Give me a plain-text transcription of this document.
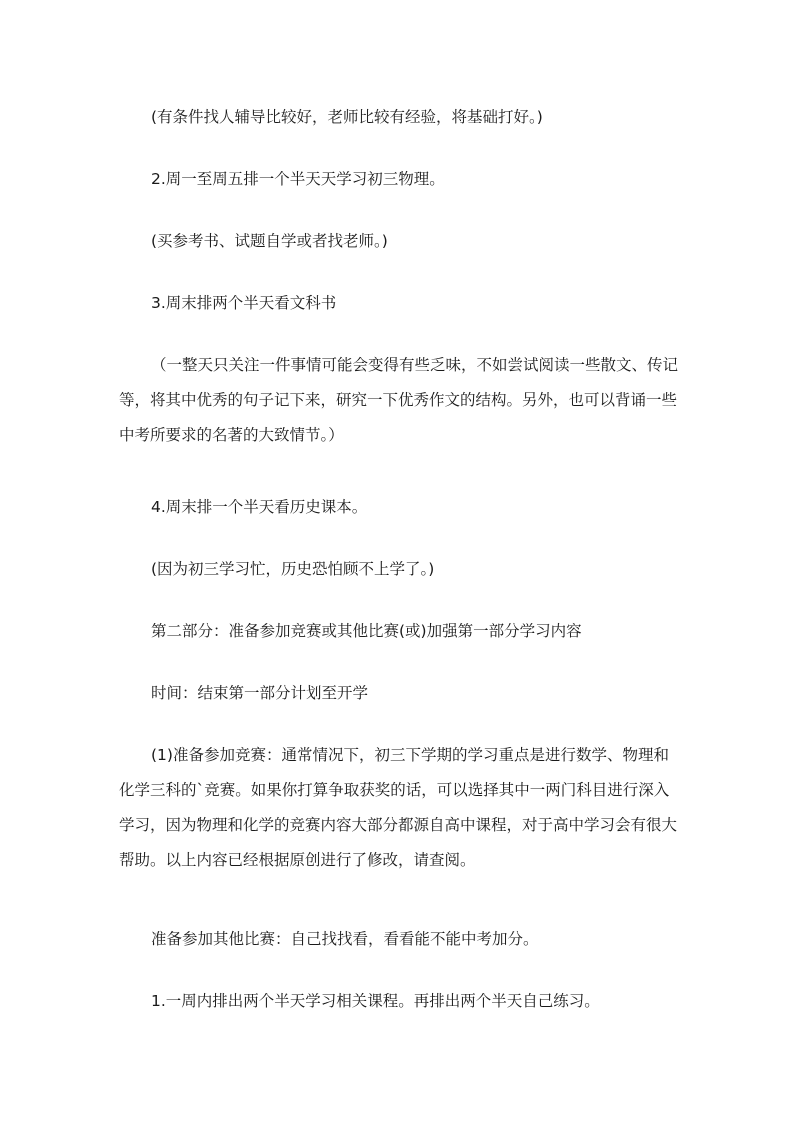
(有条件找人辅导比较好，老师比较有经验，将基础打好。)

2.周一至周五排一个半天天学习初三物理。

(买参考书、试题自学或者找老师。)

3.周末排两个半天看文科书

（一整天只关注一件事情可能会变得有些乏味，不如尝试阅读一些散文、传记等，将其中优秀的句子记下来，研究一下优秀作文的结构。另外，也可以背诵一些中考所要求的名著的大致情节。）

4.周末排一个半天看历史课本。

(因为初三学习忙，历史恐怕顾不上学了。)

第二部分：准备参加竞赛或其他比赛(或)加强第一部分学习内容

时间：结束第一部分计划至开学

(1)准备参加竞赛：通常情况下，初三下学期的学习重点是进行数学、物理和化学三科的`竞赛。如果你打算争取获奖的话，可以选择其中一两门科目进行深入学习，因为物理和化学的竞赛内容大部分都源自高中课程，对于高中学习会有很大帮助。以上内容已经根据原创进行了修改，请查阅。

准备参加其他比赛：自己找找看，看看能不能中考加分。

1.一周内排出两个半天学习相关课程。再排出两个半天自己练习。
